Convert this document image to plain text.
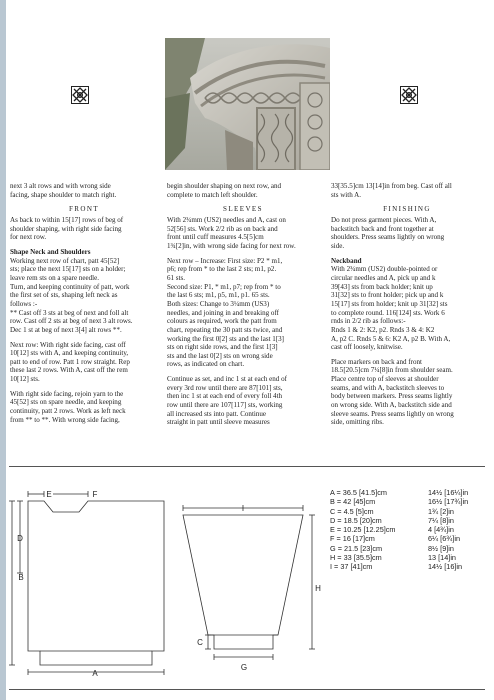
next 3 alt rows and with wrong side

facing, shape shoulder to match right.

FRONT

As back to within 15[17] rows of beg of

shoulder shaping, with right side facing

for next row.

Shape Neck and Shoulders

Working next row of chart, patt 45[52]

sts; place the next 15[17] sts on a holder;

leave rem sts on a spare needle.

Turn, and keeping continuity of patt, work

the first set of sts, shaping left neck as

follows :-

** Cast off 3 sts at beg of next and foll alt

row. Cast off 2 sts at beg of next 3 alt rows.

Dec 1 st at beg of next 3[4] alt rows **.

Next row: With right side facing, cast off

10[12] sts with A, and keeping continuity,

patt to end of row. Patt 1 row straight. Rep

these last 2 rows. With A, cast off the rem

10[12] sts.

With right side facing, rejoin yarn to the

45[52] sts on spare needle, and keeping

continuity, patt 2 rows. Work as left neck

from ** to **. With wrong side facing,

begin shoulder shaping on next row, and

complete to match left shoulder.

SLEEVES

With 2¾mm (US2) needles and A, cast on

52[56] sts. Work 2/2 rib as on back and

front until cuff measures 4.5[5]cm

1¾[2]in, with wrong side facing for next row.

Next row – Increase: First size: P2 * m1,

p6; rep from * to the last 2 sts; m1, p2.

61 sts.

Second size: P1, * m1, p7; rep from * to

the last 6 sts; m1, p5, m1, p1. 65 sts.

Both sizes: Change to 3¼mm (US3)

needles, and joining in and breaking off

colours as required, work the patt from

chart, repeating the 30 patt sts twice, and

working the first 0[2] sts and the last 1[3]

sts on right side rows, and the first 1[3]

sts and the last 0[2] sts on wrong side

rows, as indicated on chart.

Continue as set, and inc 1 st at each end of

every 3rd row until there are 87[101] sts,

then inc 1 st at each end of every foll 4th

row until there are 107[117] sts, working

all increased sts into patt. Continue

straight in patt until sleeve measures

33[35.5]cm 13[14]in from beg. Cast off all

sts with A.

FINISHING

Do not press garment pieces. With A,

backstitch back and front together at

shoulders. Press seams lightly on wrong

side.

Neckband

With 2¾mm (US2) double-pointed or

circular needles and A, pick up and k

39[43] sts from back holder; knit up

31[32] sts to front holder; pick up and k

15[17] sts from holder; knit up 31[32] sts

to complete round. 116[124] sts. Work 6

rnds in 2/2 rib as follows:-

Rnds 1 & 2: K2, p2. Rnds 3 & 4: K2

A, p2 C. Rnds 5 & 6: K2 A, p2 B. With A,

cast off loosely, knitwise.

Place markers on back and front

18.5[20.5]cm 7¼[8]in from shoulder seam.

Place centre top of sleeves at shoulder

seams, and with A, backstitch sleeves to

body between markers. Press seams lightly

on wrong side. With A, backstitch side and

sleeve seams. Press seams lightly on wrong

side, omitting ribs.

E	F
D
B
A
I
H
C
G
A = 36.5 [41.5]cm
B = 42 [45]cm
C = 4.5 [5]cm
D = 18.5 [20]cm
E = 10.25 [12.25]cm
F = 16 [17]cm
G = 21.5 [23]cm
H = 33 [35.5]cm
I = 37 [41]cm
14½ [16¼]in
16½ [17¾]in
1¾ [2]in
7¼ [8]in
4 [4¾]in
6¼ [6¾]in
8½ [9]in
13 [14]in
14½ [16]in
